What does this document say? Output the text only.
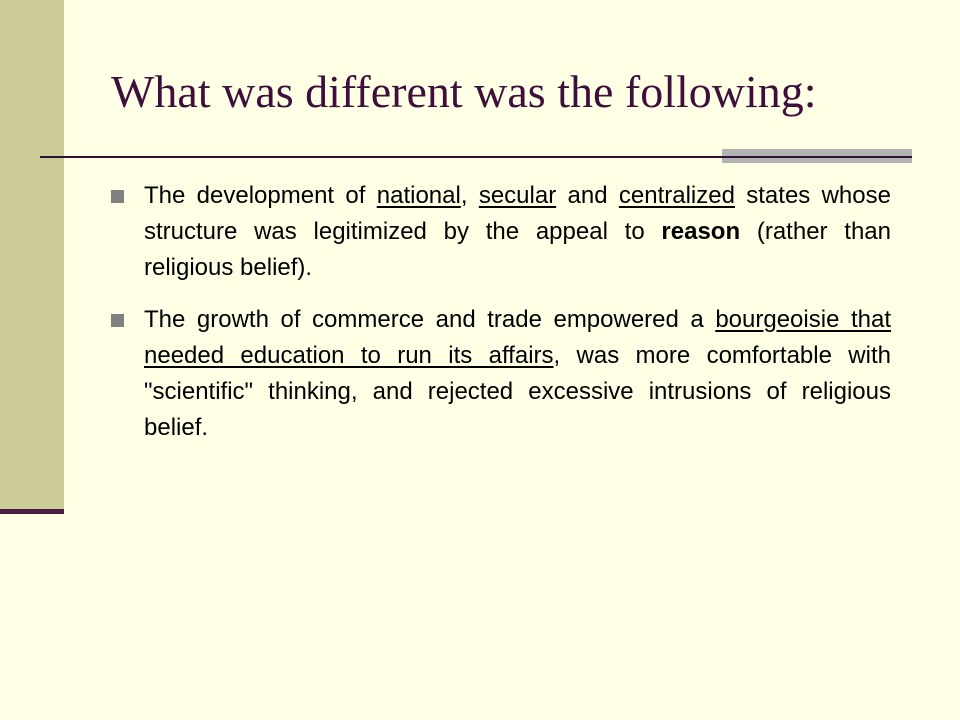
What was different was the following:
The development of national, secular and centralized states whose structure was legitimized by the appeal to reason (rather than religious belief).
The growth of commerce and trade empowered a bourgeoisie that needed education to run its affairs, was more comfortable with "scientific" thinking, and rejected excessive intrusions of religious belief.
